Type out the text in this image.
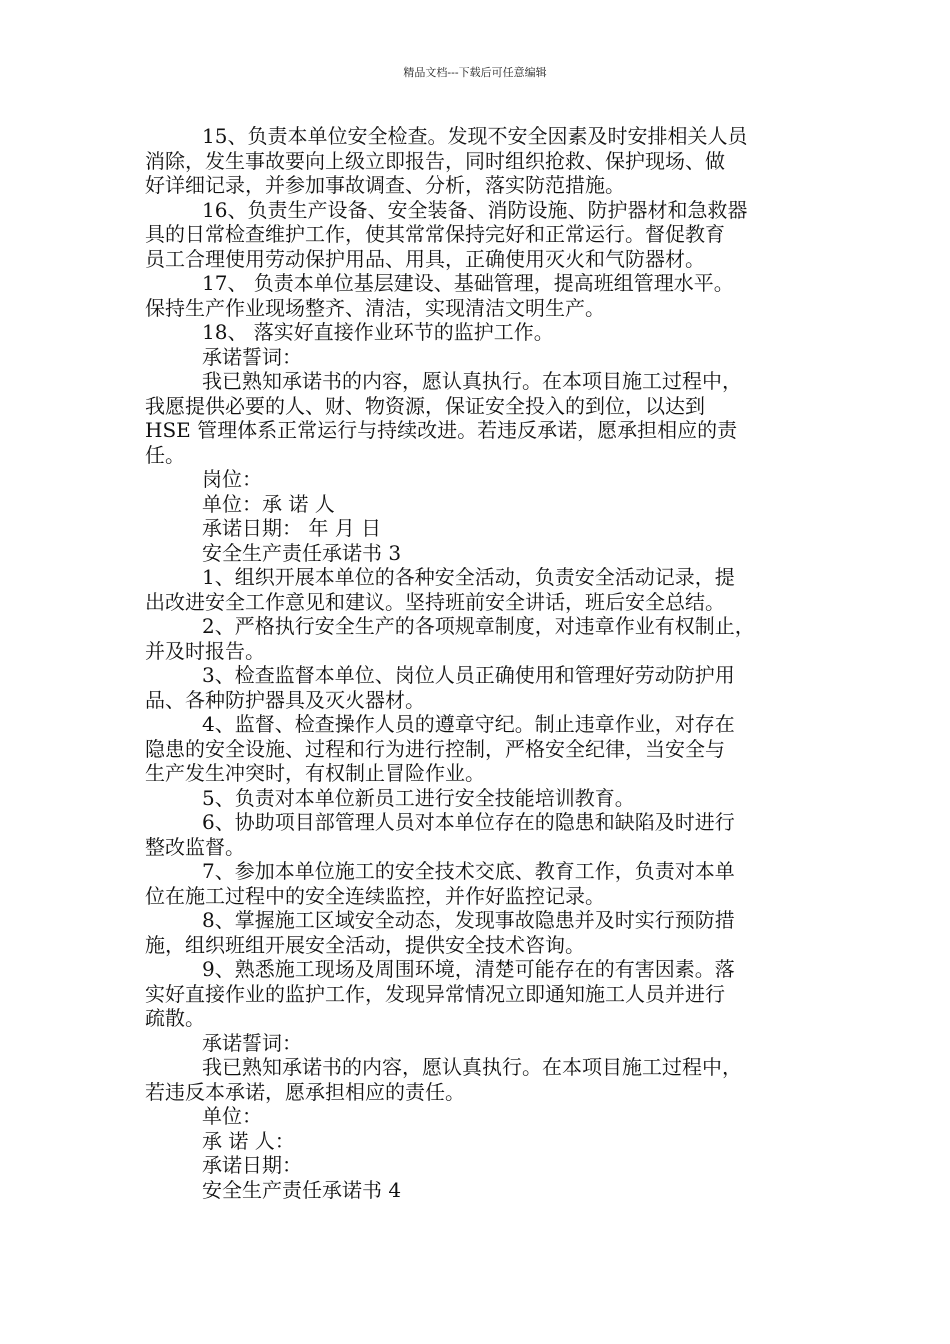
精品文档---下载后可任意编辑
15、负责本单位安全检查。发现不安全因素及时安排相关人员
消除，发生事故要向上级立即报告，同时组织抢救、保护现场、做
好详细记录，并参加事故调查、分析，落实防范措施。
16、负责生产设备、安全装备、消防设施、防护器材和急救器
具的日常检查维护工作，使其常常保持完好和正常运行。督促教育
员工合理使用劳动保护用品、用具，正确使用灭火和气防器材。
17、 负责本单位基层建设、基础管理，提高班组管理水平。
保持生产作业现场整齐、清洁，实现清洁文明生产。
18、 落实好直接作业环节的监护工作。
承诺誓词：
我已熟知承诺书的内容，愿认真执行。在本项目施工过程中，
我愿提供必要的人、财、物资源，保证安全投入的到位，以达到
HSE 管理体系正常运行与持续改进。若违反承诺，愿承担相应的责
任。
岗位：
单位：承 诺 人
承诺日期： 年 月 日
安全生产责任承诺书 3
1、组织开展本单位的各种安全活动，负责安全活动记录，提
出改进安全工作意见和建议。坚持班前安全讲话，班后安全总结。
2、严格执行安全生产的各项规章制度，对违章作业有权制止，
并及时报告。
3、检查监督本单位、岗位人员正确使用和管理好劳动防护用
品、各种防护器具及灭火器材。
4、监督、检查操作人员的遵章守纪。制止违章作业，对存在
隐患的安全设施、过程和行为进行控制，严格安全纪律，当安全与
生产发生冲突时，有权制止冒险作业。
5、负责对本单位新员工进行安全技能培训教育。
6、协助项目部管理人员对本单位存在的隐患和缺陷及时进行
整改监督。
7、参加本单位施工的安全技术交底、教育工作，负责对本单
位在施工过程中的安全连续监控，并作好监控记录。
8、掌握施工区域安全动态，发现事故隐患并及时实行预防措
施，组织班组开展安全活动，提供安全技术咨询。
9、熟悉施工现场及周围环境，清楚可能存在的有害因素。落
实好直接作业的监护工作，发现异常情况立即通知施工人员并进行
疏散。
承诺誓词：
我已熟知承诺书的内容，愿认真执行。在本项目施工过程中，
若违反本承诺，愿承担相应的责任。
单位：
承 诺 人：
承诺日期：
安全生产责任承诺书 4
